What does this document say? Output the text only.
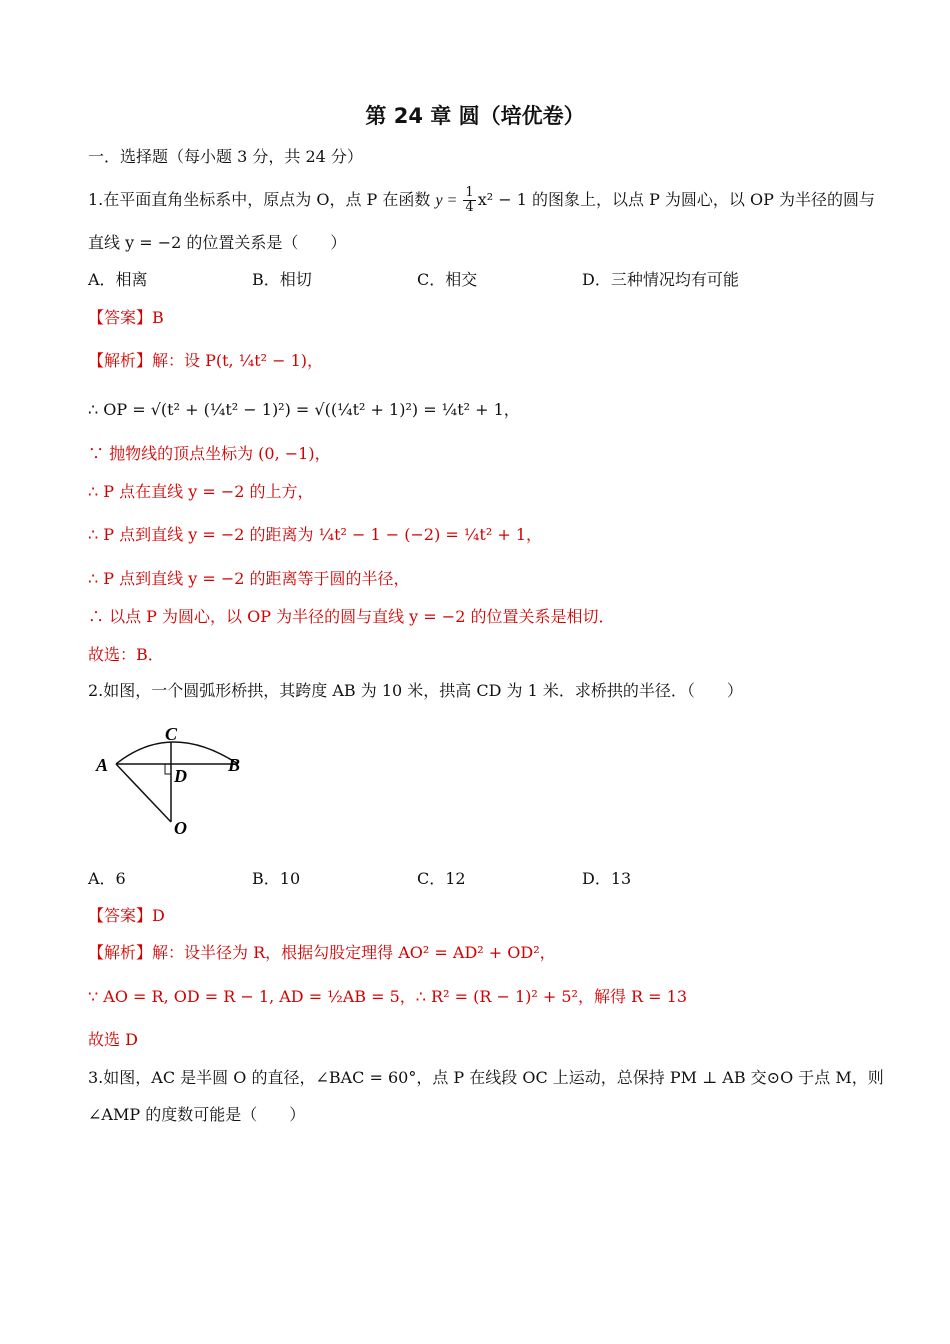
第 24 章 圆（培优卷）
一．选择题（每小题 3 分，共 24 分）
1.在平面直角坐标系中，原点为 O，点 P 在函数 $y = \frac{1}{4} x^2 - 1$ 的图象上，以点 P 为圆心，以 OP 为半径的圆与
直线 y = −2 的位置关系是（　　）
A．相离	B．相切	C．相交	D．三种情况均有可能
【答案】B
【解析】解：设 P(t, ¼t² − 1)，
∴ OP = √(t² + (¼t² − 1)²) = √((¼t² + 1)²) = ¼t² + 1，
∵ 抛物线的顶点坐标为 (0, −1)，
∴ P 点在直线 y = −2 的上方，
∴ P 点到直线 y = −2 的距离为 ¼t² − 1 − (−2) = ¼t² + 1，
∴ P 点到直线 y = −2 的距离等于圆的半径，
∴ 以点 P 为圆心，以 OP 为半径的圆与直线 y = −2 的位置关系是相切．
故选：B．
2.如图，一个圆弧形桥拱，其跨度 AB 为 10 米，拱高 CD 为 1 米．求桥拱的半径．（　　）
A	B
C
D
O
A．6	B．10	C．12	D．13
【答案】D
【解析】解：设半径为 R，根据勾股定理得 AO² = AD² + OD²，
∵ AO = R, OD = R − 1, AD = ½AB = 5，∴ R² = (R − 1)² + 5²，解得 R = 13
故选 D
3.如图，AC 是半圆 O 的直径，∠BAC = 60°，点 P 在线段 OC 上运动，总保持 PM ⊥ AB 交⊙O 于点 M，则
∠AMP 的度数可能是（　　）
